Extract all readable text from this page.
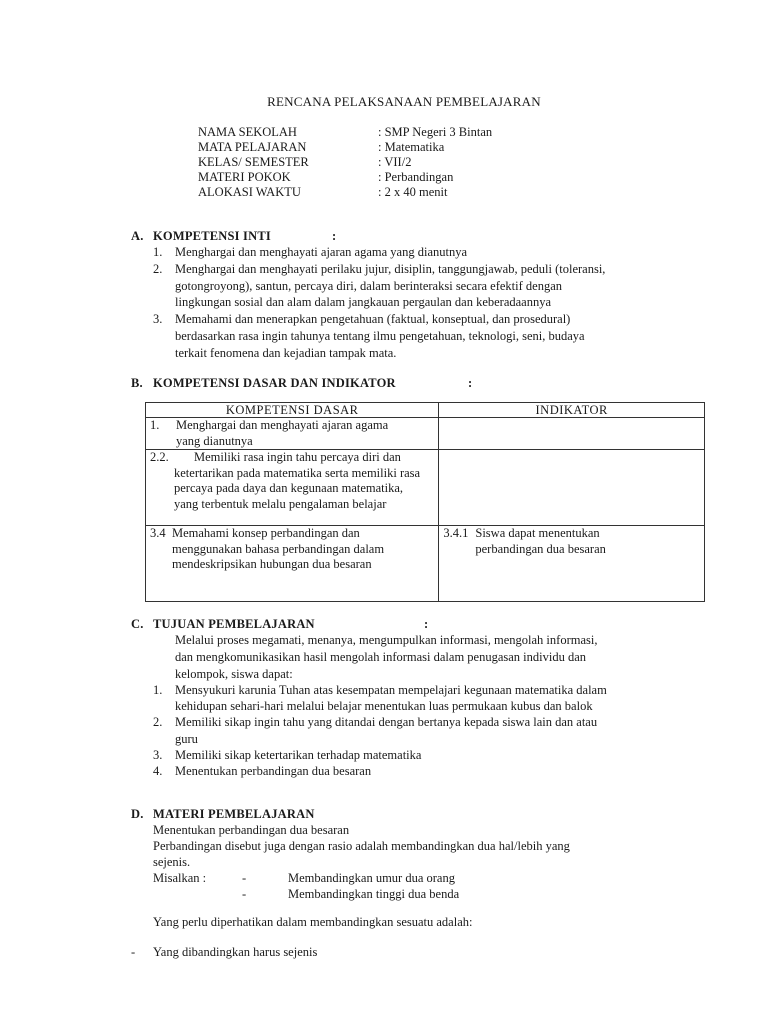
RENCANA PELAKSANAAN PEMBELAJARAN
NAMA SEKOLAH	: SMP Negeri 3 Bintan
MATA PELAJARAN	: Matematika
KELAS/ SEMESTER	: VII/2
MATERI POKOK	: Perbandingan
ALOKASI WAKTU	: 2 x 40 menit
A. KOMPETENSI INTI	:
1. Menghargai dan menghayati ajaran agama yang dianutnya
2. Menghargai dan menghayati perilaku jujur, disiplin, tanggungjawab, peduli (toleransi,
gotongroyong), santun, percaya diri, dalam berinteraksi secara efektif dengan
lingkungan sosial dan alam dalam jangkauan pergaulan dan keberadaannya
3. Memahami dan menerapkan pengetahuan (faktual, konseptual, dan prosedural)
berdasarkan rasa ingin tahunya tentang ilmu pengetahuan, teknologi, seni, budaya
terkait fenomena dan kejadian tampak mata.
B. KOMPETENSI DASAR DAN INDIKATOR	:
KOMPETENSI DASAR	INDIKATOR

1. Menghargai dan menghayati ajaran agama yang dianutnya	

2.2. Memiliki rasa ingin tahu percaya diri dan ketertarikan pada matematika serta memiliki rasa percaya pada daya dan kegunaan matematika, yang terbentuk melalu pengalaman belajar	

3.4 Memahami konsep perbandingan dan menggunakan bahasa perbandingan dalam mendeskripsikan hubungan dua besaran	3.4.1 Siswa dapat menentukan perbandingan dua besaran
C. TUJUAN PEMBELAJARAN	:
Melalui proses megamati, menanya, mengumpulkan informasi, mengolah informasi,
dan mengkomunikasikan hasil mengolah informasi dalam penugasan individu dan
kelompok, siswa dapat:
1. Mensyukuri karunia Tuhan atas kesempatan mempelajari kegunaan matematika dalam
kehidupan sehari-hari melalui belajar menentukan luas permukaan kubus dan balok
2. Memiliki sikap ingin tahu yang ditandai dengan bertanya kepada siswa lain dan atau
guru
3. Memiliki sikap ketertarikan terhadap matematika
4. Menentukan perbandingan dua besaran
D. MATERI PEMBELAJARAN
Menentukan perbandingan dua besaran
Perbandingan disebut juga dengan rasio adalah membandingkan dua hal/lebih yang
sejenis.
Misalkan :	-	Membandingkan umur dua orang
-	Membandingkan tinggi dua benda
Yang perlu diperhatikan dalam membandingkan sesuatu adalah:
- Yang dibandingkan harus sejenis
